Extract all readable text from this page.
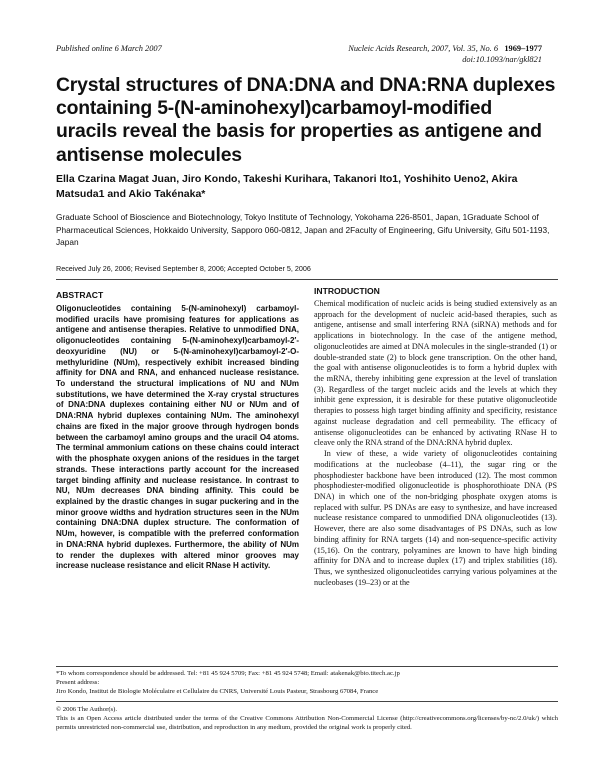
Published online 6 March 2007	Nucleic Acids Research, 2007, Vol. 35, No. 6 1969–1977
doi:10.1093/nar/gkl821
Crystal structures of DNA:DNA and DNA:RNA duplexes containing 5-(N-aminohexyl)carbamoyl-modified uracils reveal the basis for properties as antigene and antisense molecules
Ella Czarina Magat Juan, Jiro Kondo, Takeshi Kurihara, Takanori Ito1, Yoshihito Ueno2, Akira Matsuda1 and Akio Takénaka*
Graduate School of Bioscience and Biotechnology, Tokyo Institute of Technology, Yokohama 226-8501, Japan, 1Graduate School of Pharmaceutical Sciences, Hokkaido University, Sapporo 060-0812, Japan and 2Faculty of Engineering, Gifu University, Gifu 501-1193, Japan
Received July 26, 2006; Revised September 8, 2006; Accepted October 5, 2006
ABSTRACT
Oligonucleotides containing 5-(N-aminohexyl) carbamoyl-modified uracils have promising features for applications as antigene and antisense therapies. Relative to unmodified DNA, oligonucleotides containing 5-(N-aminohexyl)carbamoyl-2′-deoxyuridine (NU) or 5-(N-aminohexyl)carbamoyl-2′-O-methyluridine (NUm), respectively exhibit increased binding affinity for DNA and RNA, and enhanced nuclease resistance. To understand the structural implications of NU and NUm substitutions, we have determined the X-ray crystal structures of DNA:DNA duplexes containing either NU or NUm and of DNA:RNA hybrid duplexes containing NUm. The aminohexyl chains are fixed in the major groove through hydrogen bonds between the carbamoyl amino groups and the uracil O4 atoms. The terminal ammonium cations on these chains could interact with the phosphate oxygen anions of the residues in the target strands. These interactions partly account for the increased target binding affinity and nuclease resistance. In contrast to NU, NUm decreases DNA binding affinity. This could be explained by the drastic changes in sugar puckering and in the minor groove widths and hydration structures seen in the NUm containing DNA:DNA duplex structure. The conformation of NUm, however, is compatible with the preferred conformation in DNA:RNA hybrid duplexes. Furthermore, the ability of NUm to render the duplexes with altered minor grooves may increase nuclease resistance and elicit RNase H activity.
INTRODUCTION

Chemical modification of nucleic acids is being studied extensively as an approach for the development of nucleic acid-based therapies, such as antigene, antisense and small interfering RNA (siRNA) methods and for applications in biotechnology. In the case of the antigene method, oligonucleotides are aimed at DNA molecules in the single-stranded (1) or double-stranded state (2) to block gene transcription. On the other hand, the goal with antisense oligonucleotides is to form a hybrid duplex with the mRNA, thereby inhibiting gene expression at the level of translation (3). Regardless of the target nucleic acids and the levels at which they inhibit gene expression, it is desirable for these putative oligonucleotide therapies to possess high target binding affinity and specificity, resistance against nuclease degradation and cell permeability. The efficacy of antisense oligonucleotides can be enhanced by activating RNase H to cleave only the RNA strand of the DNA:RNA hybrid duplex.

In view of these, a wide variety of oligonucleotides containing modifications at the nucleobase (4–11), the sugar ring or the phosphodiester backbone have been introduced (12). The most common phosphodiester-modified oligonucleotide is phosphorothioate DNA (PS DNA) in which one of the non-bridging phosphate oxygen atoms is replaced with sulfur. PS DNAs are easy to synthesize, and have increased nuclease resistance compared to unmodified DNA oligonucleotides (13). However, there are also some disadvantages of PS DNAs, such as low binding affinity for RNA targets (14) and non-sequence-specific activity (15,16). On the contrary, polyamines are known to have high binding affinity for DNA and to increase duplex (17) and triplex stabilities (18). Thus, we synthesized oligonucleotides carrying various polyamines at the nucleobases (19–23) or at the

*To whom correspondence should be addressed. Tel: +81 45 924 5709; Fax: +81 45 924 5748; Email: atakenak@bio.titech.ac.jp
Present address:
Jiro Kondo, Institut de Biologie Moléculaire et Cellulaire du CNRS, Université Louis Pasteur, Strasbourg 67084, France
© 2006 The Author(s).
This is an Open Access article distributed under the terms of the Creative Commons Attribution Non-Commercial License (http://creativecommons.org/licenses/by-nc/2.0/uk/) which permits unrestricted non-commercial use, distribution, and reproduction in any medium, provided the original work is properly cited.
